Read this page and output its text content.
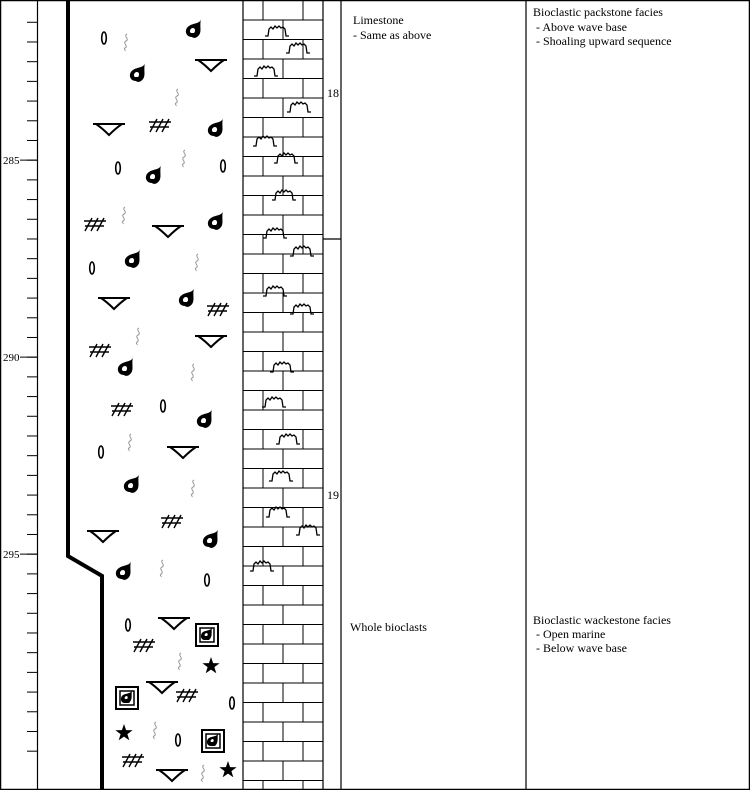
285
290
295
18
19
Limestone
- Same as above
Whole bioclasts
Bioclastic packstone facies
- Above wave base
- Shoaling upward sequence
Bioclastic wackestone facies
- Open marine
- Below wave base
